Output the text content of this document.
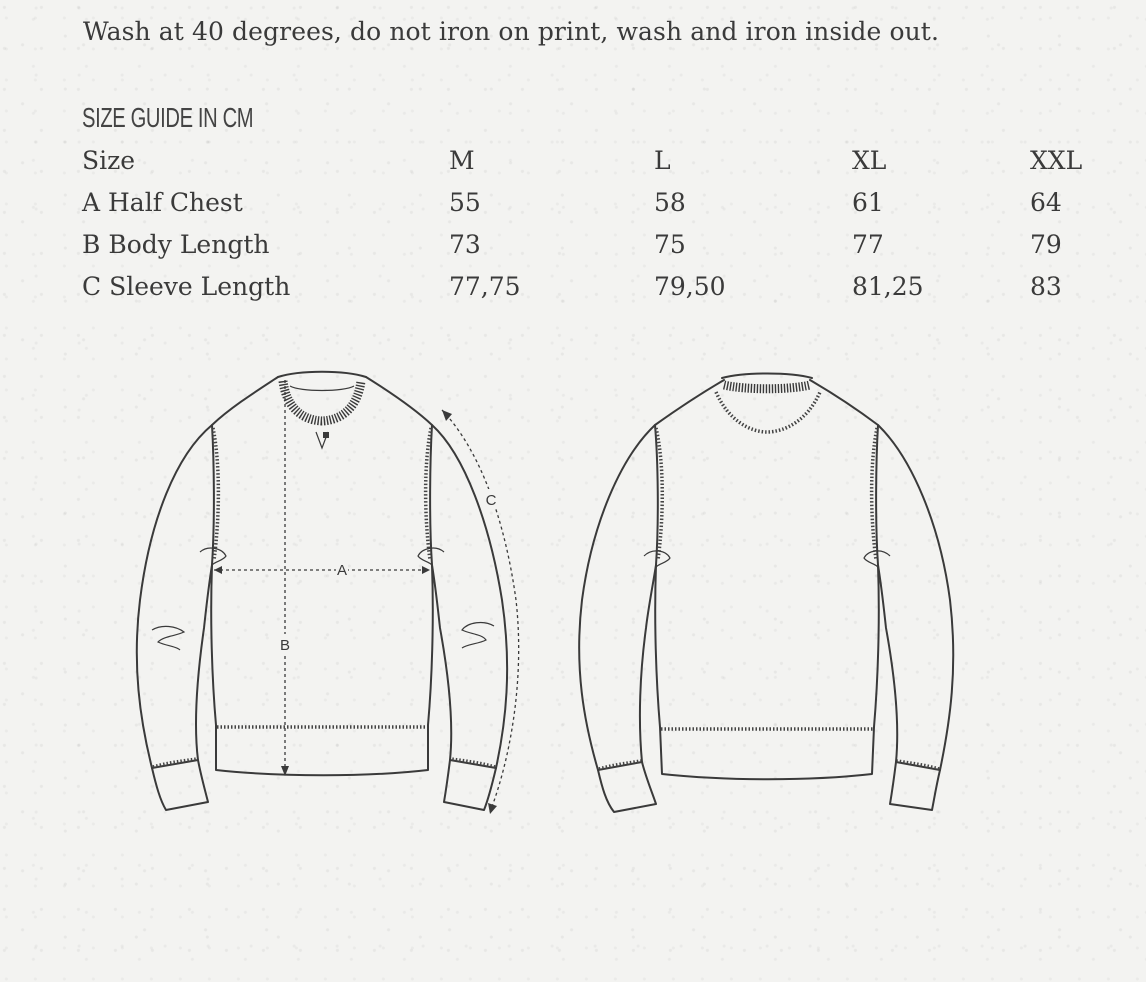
Wash at 40 degrees, do not iron on print, wash and iron inside out.
SIZE GUIDE IN CM
Size	M	L	XL	XXL
A Half Chest	55	58	61	64
B Body Length	73	75	77	79
C Sleeve Length	77,75	79,50	81,25	83
A
B
C
